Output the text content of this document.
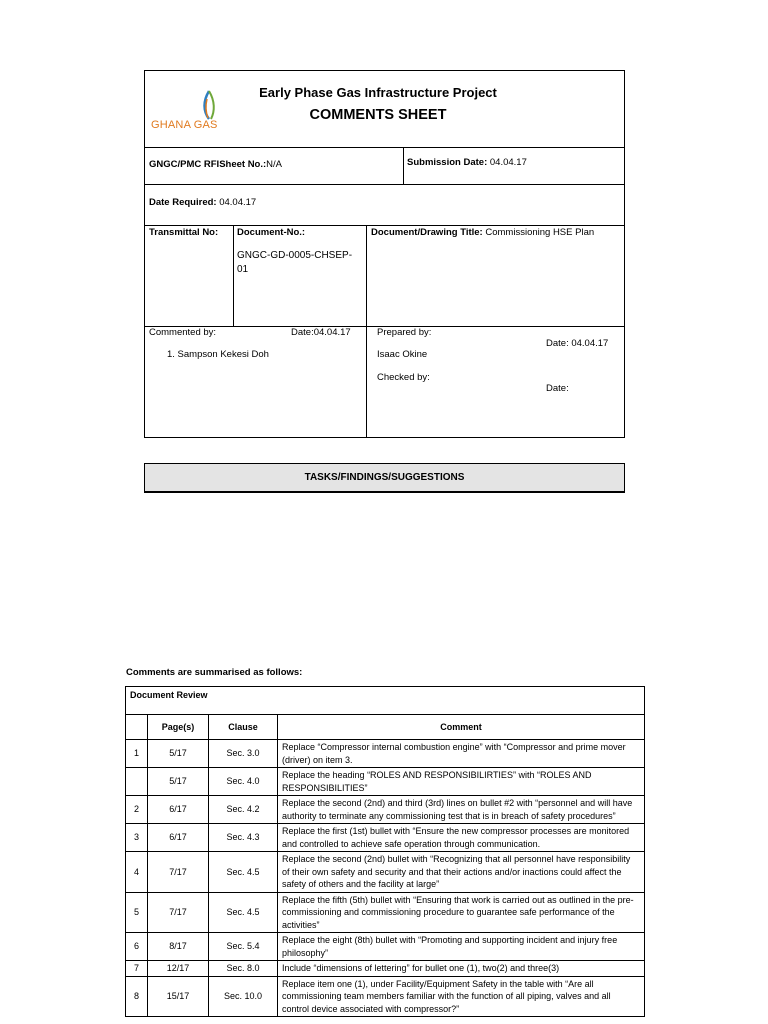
GHANA GAS
Early Phase Gas Infrastructure Project
COMMENTS SHEET
GNGC/PMC RFISheet No.:N/A	Submission Date: 04.04.17
Date Required: 04.04.17
Transmittal No: Document-No.:
GNGC-GD-0005-CHSEP-
01
Document/Drawing Title: Commissioning HSE Plan
Commented by:	Date:04.04.17
1. Sampson Kekesi Doh
Prepared by:
Date: 04.04.17
Isaac Okine
Checked by:
Date:
TASKS/FINDINGS/SUGGESTIONS
Comments are summarised as follows:
Document Review			
	Page(s)	Clause	Comment
1	5/17	Sec. 3.0	Replace “Compressor internal combustion engine” with “Compressor and prime mover (driver) on item 3.
	5/17	Sec. 4.0	Replace the heading “ROLES AND RESPONSIBILIRTIES” with “ROLES AND RESPONSIBILITIES”
2	6/17	Sec. 4.2	Replace the second (2nd) and third (3rd) lines on bullet #2 with “personnel and will have authority to terminate any commissioning test that is in breach of safety procedures”
3	6/17	Sec. 4.3	Replace the first (1st) bullet with “Ensure the new compressor processes are monitored and controlled to achieve safe operation through communication.
4	7/17	Sec. 4.5	Replace the second (2nd) bullet with “Recognizing that all personnel have responsibility of their own safety and security and that their actions and/or inactions could affect the safety of others and the facility at large”
5	7/17	Sec. 4.5	Replace the fifth (5th) bullet with “Ensuring that work is carried out as outlined in the pre-commissioning and commissioning procedure to guarantee safe performance of the activities”
6	8/17	Sec. 5.4	Replace the eight (8th) bullet with “Promoting and supporting incident and injury free philosophy”
7	12/17	Sec. 8.0	Include “dimensions of lettering” for bullet one (1), two(2) and three(3)
8	15/17	Sec. 10.0	Replace item one (1), under Facility/Equipment Safety in the table with “Are all commissioning team members familiar with the function of all piping, valves and all control device associated with compressor?”
